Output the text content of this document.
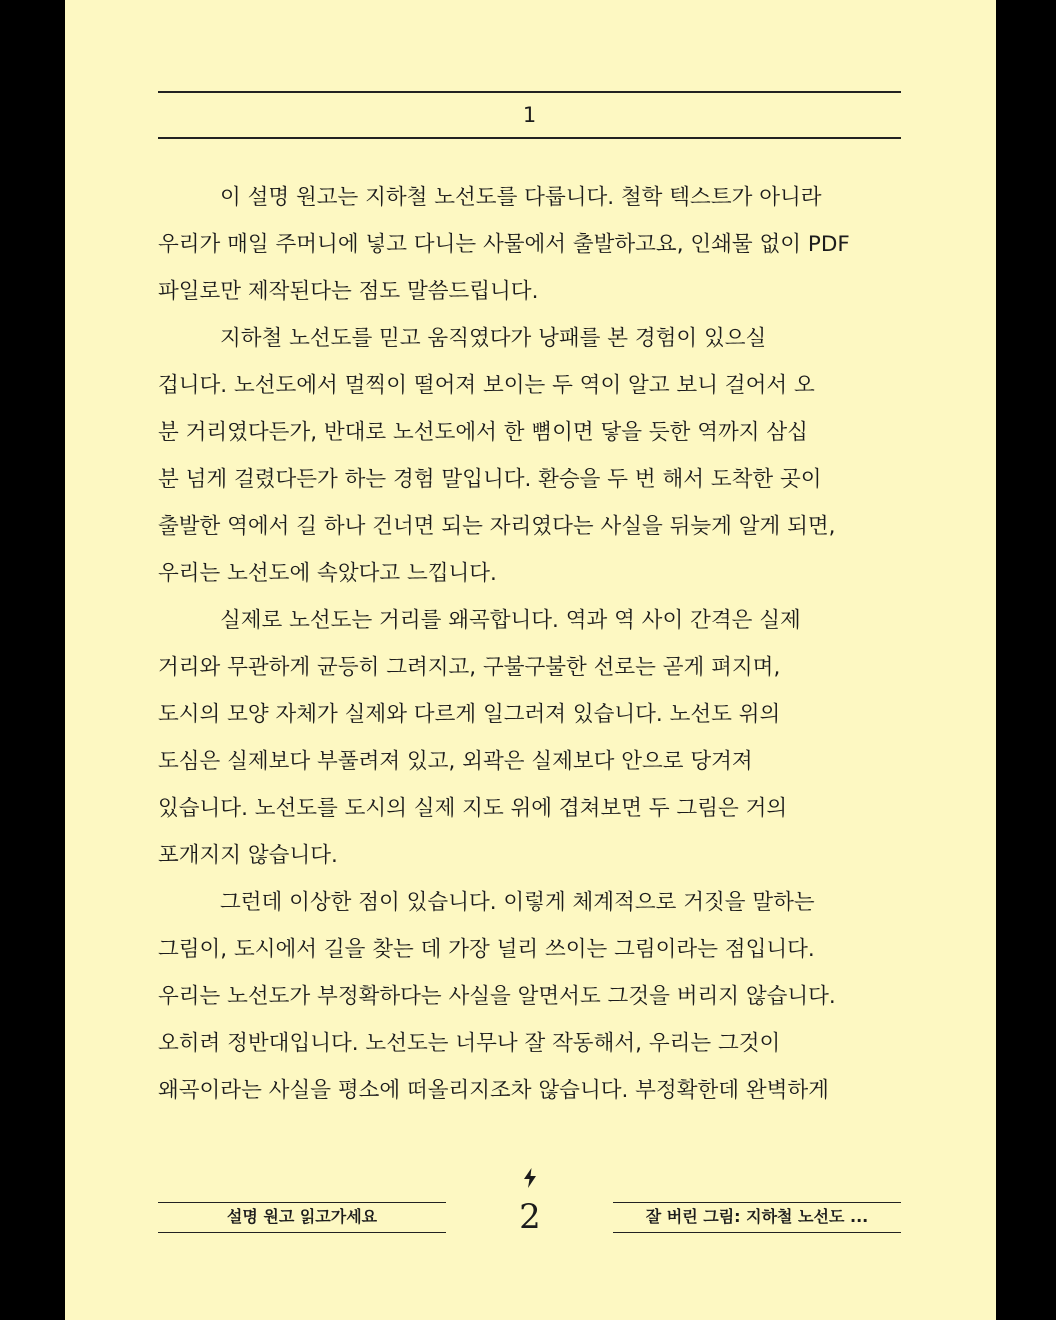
1

이 설명 원고는 지하철 노선도를 다룹니다. 철학 텍스트가 아니라
우리가 매일 주머니에 넣고 다니는 사물에서 출발하고요, 인쇄물 없이 PDF
파일로만 제작된다는 점도 말씀드립니다.

지하철 노선도를 믿고 움직였다가 낭패를 본 경험이 있으실
겁니다. 노선도에서 멀찍이 떨어져 보이는 두 역이 알고 보니 걸어서 오
분 거리였다든가, 반대로 노선도에서 한 뼘이면 닿을 듯한 역까지 삼십
분 넘게 걸렸다든가 하는 경험 말입니다. 환승을 두 번 해서 도착한 곳이
출발한 역에서 길 하나 건너면 되는 자리였다는 사실을 뒤늦게 알게 되면,
우리는 노선도에 속았다고 느낍니다.

실제로 노선도는 거리를 왜곡합니다. 역과 역 사이 간격은 실제
거리와 무관하게 균등히 그려지고, 구불구불한 선로는 곧게 펴지며,
도시의 모양 자체가 실제와 다르게 일그러져 있습니다. 노선도 위의
도심은 실제보다 부풀려져 있고, 외곽은 실제보다 안으로 당겨져
있습니다. 노선도를 도시의 실제 지도 위에 겹쳐보면 두 그림은 거의
포개지지 않습니다.

그런데 이상한 점이 있습니다. 이렇게 체계적으로 거짓을 말하는
그림이, 도시에서 길을 찾는 데 가장 널리 쓰이는 그림이라는 점입니다.
우리는 노선도가 부정확하다는 사실을 알면서도 그것을 버리지 않습니다.
오히려 정반대입니다. 노선도는 너무나 잘 작동해서, 우리는 그것이
왜곡이라는 사실을 평소에 떠올리지조차 않습니다. 부정확한데 완벽하게

설명 원고 읽고가세요	2	잘 버린 그림: 지하철 노선도 ...
